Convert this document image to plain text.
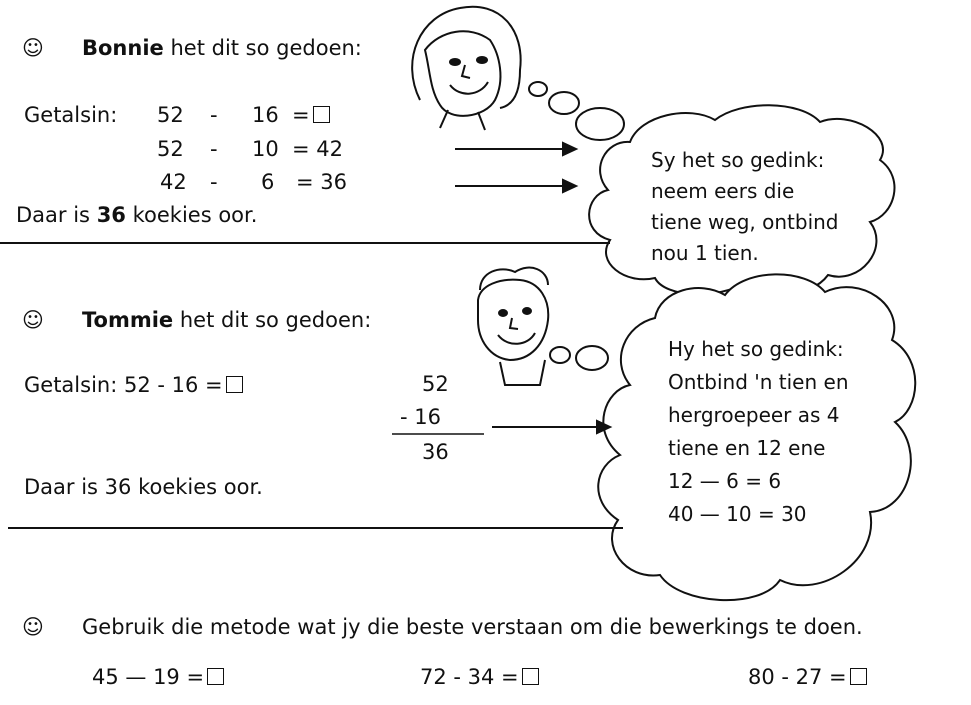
☺ Bonnie het dit so gedoen:
Getalsin: 52 - 16 =
52 - 10 = 42
42 - 6 = 36
Daar is 36 koekies oor.
Sy het so gedink:
neem eers die
tiene weg, ontbind
nou 1 tien.
☺ Tommie het dit so gedoen:
Getalsin: 52 - 16 =	52
- 16
36
Daar is 36 koekies oor.
Hy het so gedink:
Ontbind 'n tien en
hergroepeer as 4
tiene en 12 ene
12 — 6 = 6
40 — 10 = 30
☺ Gebruik die metode wat jy die beste verstaan om die bewerkings te doen.
45 — 19 =	72 - 34 =	80 - 27 =
